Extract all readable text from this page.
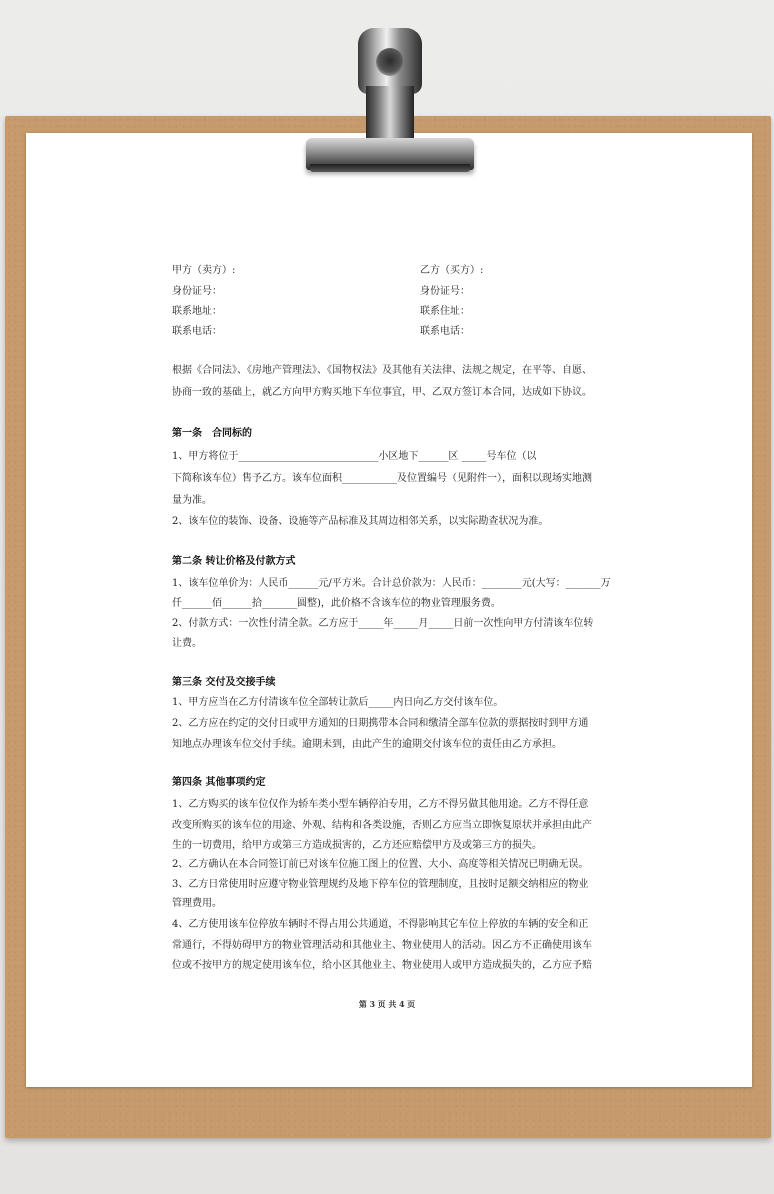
甲方（卖方）:
身份证号：
联系地址：
联系电话：
乙方（买方）:
身份证号：
联系住址：
联系电话：
根据《合同法》、《房地产管理法》、《国物权法》及其他有关法律、法规之规定，在平等、自愿、
协商一致的基础上，就乙方向甲方购买地下车位事宜，甲、乙双方签订本合同，达成如下协议。
第一条　合同标的
1、甲方将位于____________________________小区地下______区 _____号车位（以
下简称该车位）售予乙方。该车位面积___________及位置编号（见附件一），面积以现场实地测
量为准。
2、该车位的装饰、设备、设施等产品标准及其周边相邻关系，以实际勘查状况为准。
第二条 转让价格及付款方式
1、该车位单价为：人民币______元/平方米。合计总价款为：人民币：________元(大写：_______万
仟______佰______拾_______圆整)，此价格不含该车位的物业管理服务费。
2、付款方式：一次性付清全款。乙方应于_____年_____月_____日前一次性向甲方付清该车位转
让费。
第三条 交付及交接手续
1、甲方应当在乙方付清该车位全部转让款后_____内日向乙方交付该车位。
2、乙方应在约定的交付日或甲方通知的日期携带本合同和缴清全部车位款的票据按时到甲方通
知地点办理该车位交付手续。逾期未到，由此产生的逾期交付该车位的责任由乙方承担。
第四条 其他事项约定
1、乙方购买的该车位仅作为轿车类小型车辆停泊专用，乙方不得另做其他用途。乙方不得任意
改变所购买的该车位的用途、外观、结构和各类设施，否则乙方应当立即恢复原状并承担由此产
生的一切费用，给甲方或第三方造成损害的，乙方还应赔偿甲方及或第三方的损失。
2、乙方确认在本合同签订前已对该车位施工图上的位置、大小、高度等相关情况已明确无误。
3、乙方日常使用时应遵守物业管理规约及地下停车位的管理制度，且按时足额交纳相应的物业
管理费用。
4、乙方使用该车位停放车辆时不得占用公共通道，不得影响其它车位上停放的车辆的安全和正
常通行，不得妨碍甲方的物业管理活动和其他业主、物业使用人的活动。因乙方不正确使用该车
位或不按甲方的规定使用该车位，给小区其他业主、物业使用人或甲方造成损失的，乙方应予赔
第 3 页 共 4 页
